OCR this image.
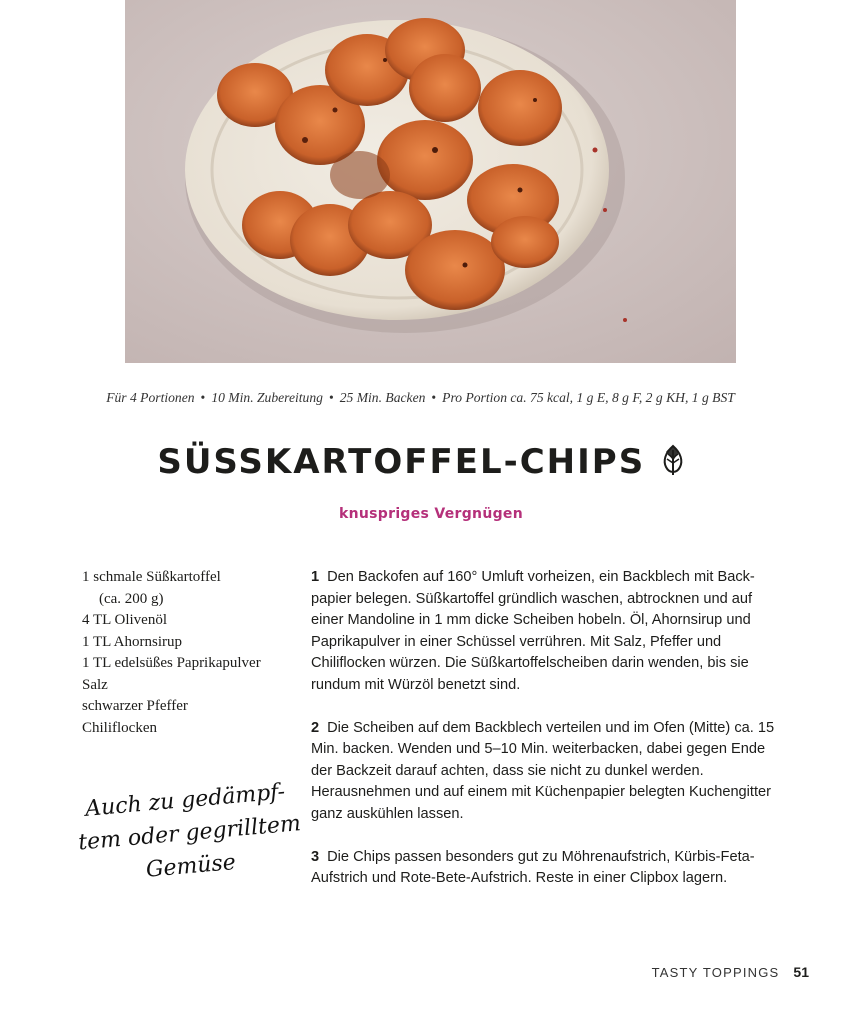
Für 4 Portionen • 10 Min. Zubereitung • 25 Min. Backen • Pro Portion ca. 75 kcal, 1 g E, 8 g F, 2 g KH, 1 g BST
SÜSSKARTOFFEL-CHIPS
knuspriges Vergnügen
1 schmale Süßkartoffel
(ca. 200 g)
4 TL Olivenöl
1 TL Ahornsirup
1 TL edelsüßes Paprikapulver
Salz
schwarzer Pfeffer
Chiliflocken
Auch zu gedämpf-
tem oder gegrilltem
Gemüse

1 Den Backofen auf 160° Umluft vorheizen, ein Backblech mit Backpapier belegen. Süßkartoffel gründlich waschen, abtrocknen und auf einer Mandoline in 1 mm dicke Scheiben hobeln. Öl, Ahornsirup und Paprikapulver in einer Schüssel verrühren. Mit Salz, Pfeffer und Chiliflocken würzen. Die Süßkartoffelscheiben darin wenden, bis sie rundum mit Würzöl benetzt sind.

2 Die Scheiben auf dem Backblech verteilen und im Ofen (Mitte) ca. 15 Min. backen. Wenden und 5–10 Min. weiterbacken, dabei gegen Ende der Backzeit darauf achten, dass sie nicht zu dunkel werden. Herausnehmen und auf einem mit Küchenpapier belegten Kuchengitter ganz auskühlen lassen.

3 Die Chips passen besonders gut zu Möhrenaufstrich, Kürbis-Feta-Aufstrich und Rote-Bete-Aufstrich. Reste in einer Clipbox lagern.

TASTY TOPPINGS 51
